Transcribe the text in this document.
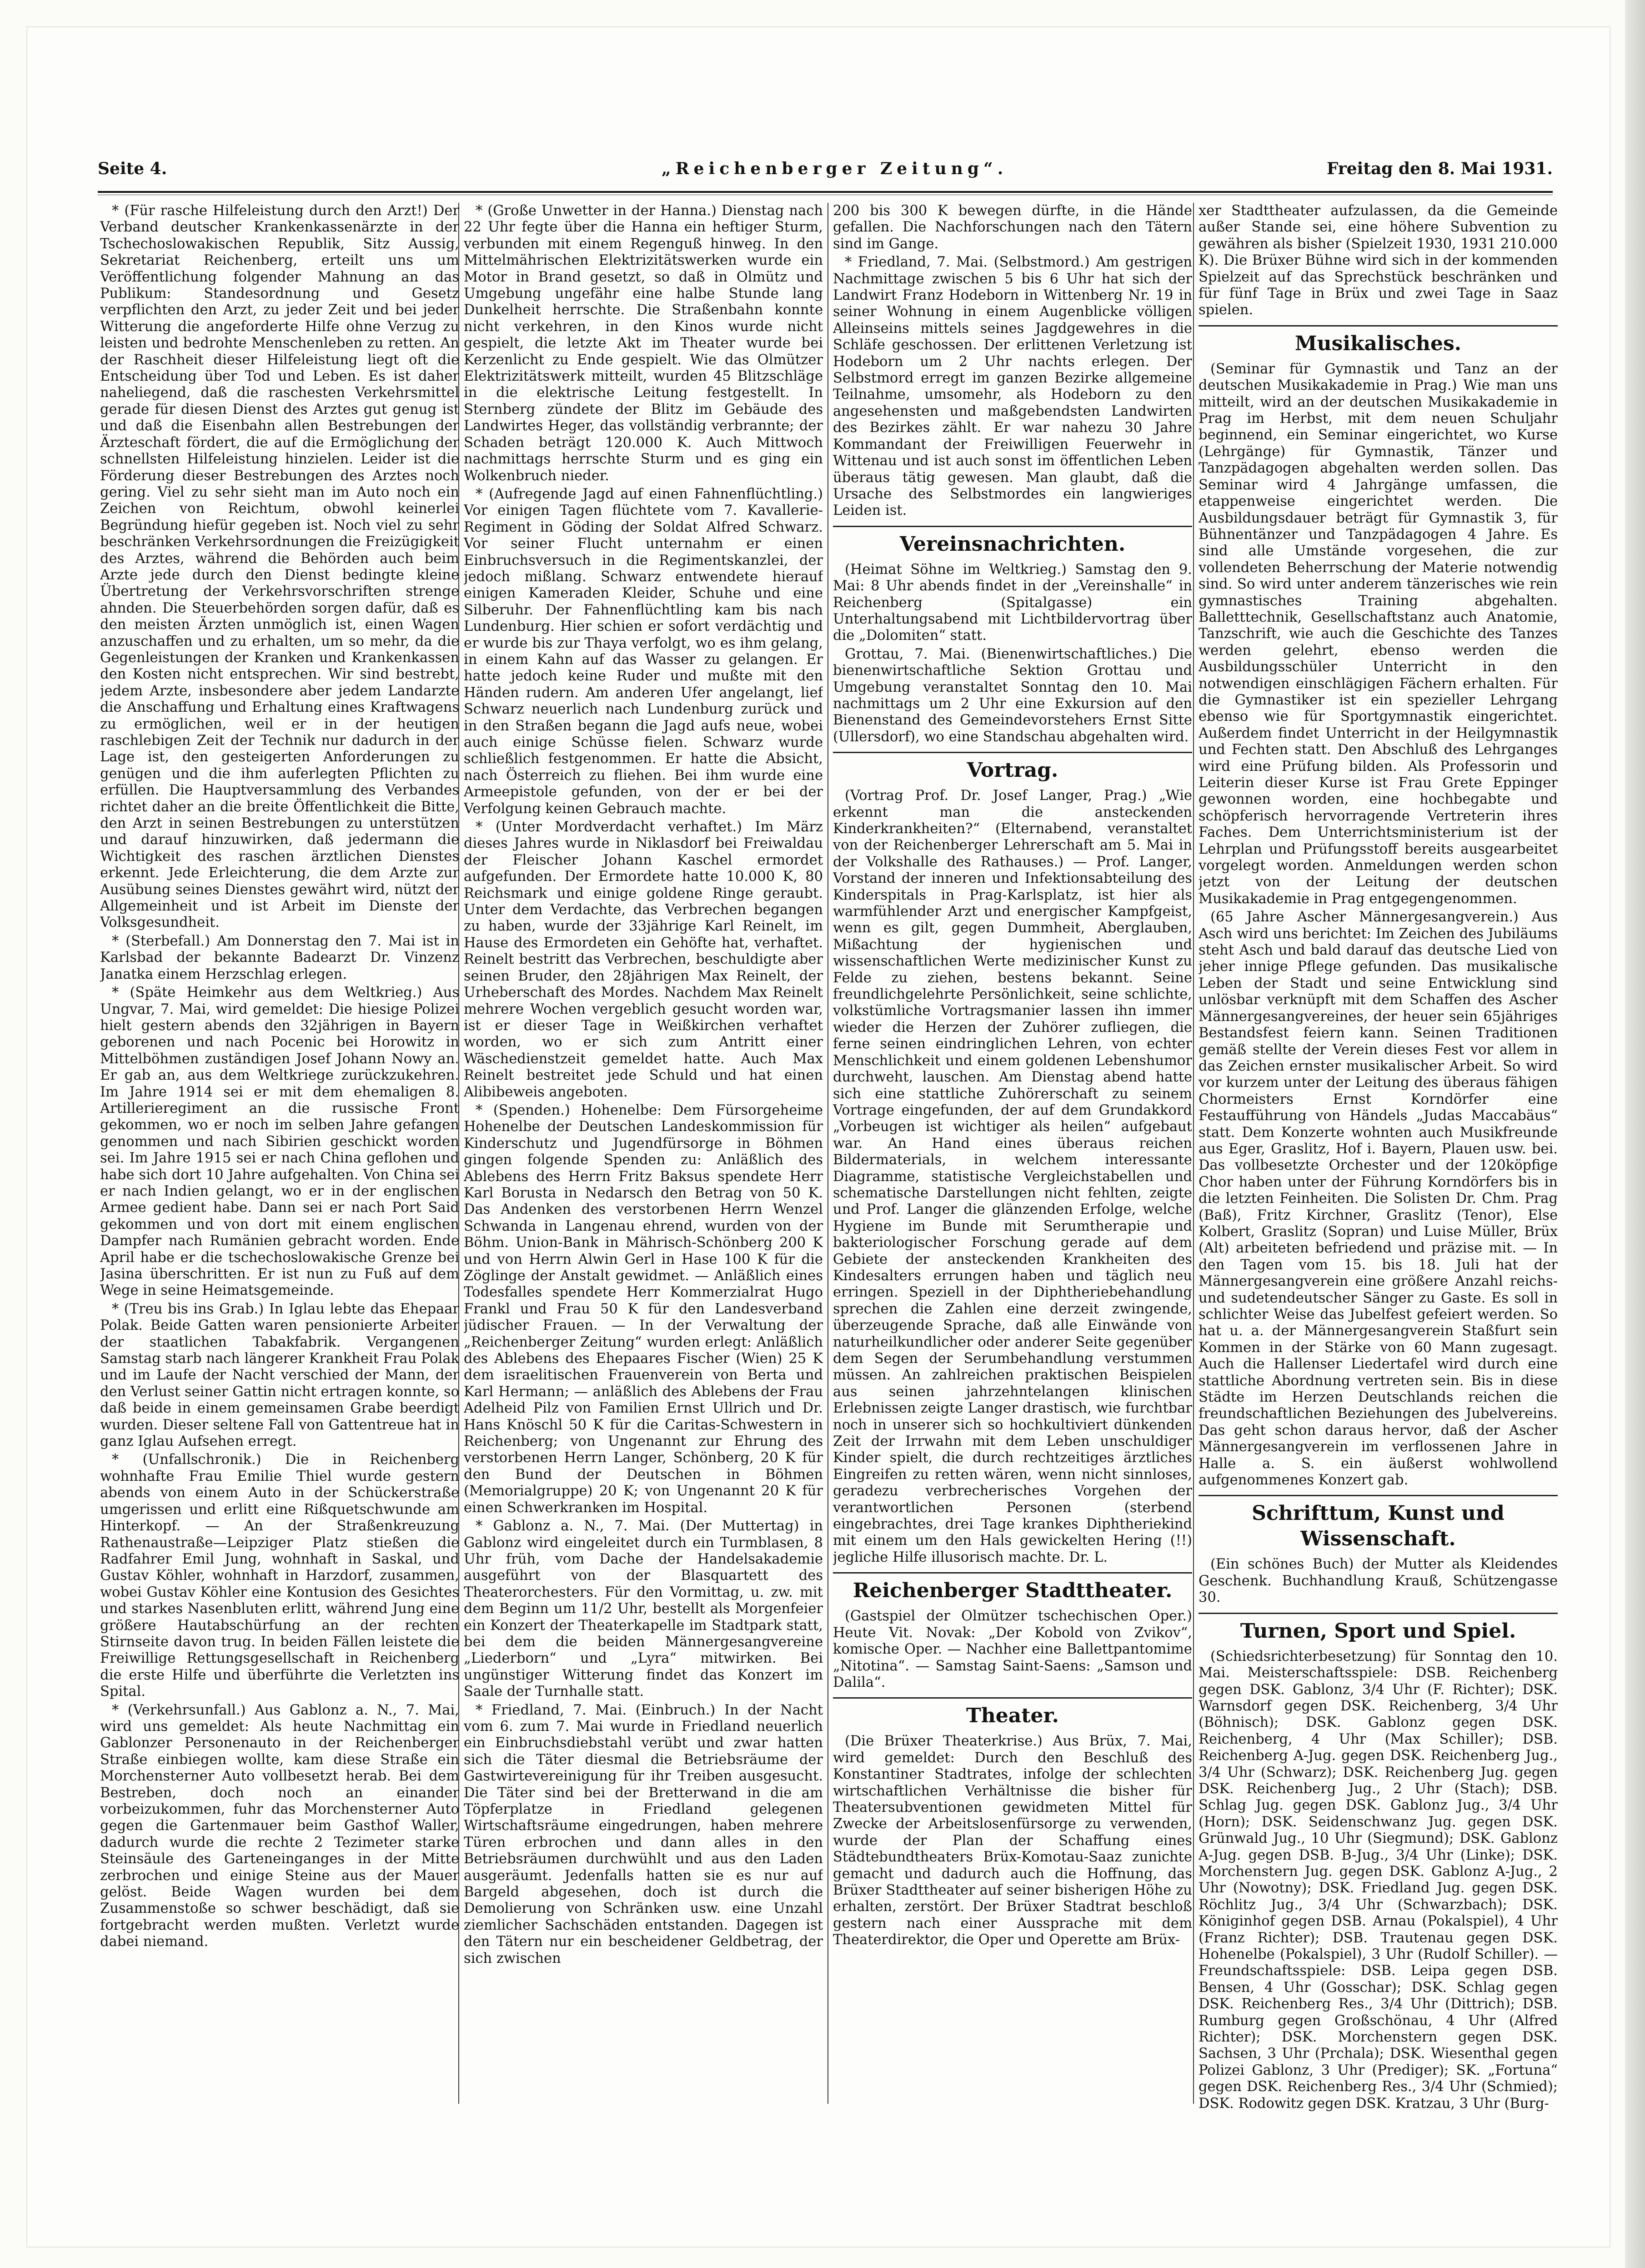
Seite 4.	„Reichenberger Zeitung“.	Freitag den 8. Mai 1931.

* (Für rasche Hilfeleistung durch den Arzt!) Der Verband deutscher Krankenkassenärzte in der Tschechoslowakischen Republik, Sitz Aussig, Sekretariat Reichenberg, erteilt uns um Veröffentlichung folgender Mahnung an das Publikum: Standesordnung und Gesetz verpflichten den Arzt, zu jeder Zeit und bei jeder Witterung die angeforderte Hilfe ohne Verzug zu leisten und bedrohte Menschenleben zu retten. An der Raschheit dieser Hilfeleistung liegt oft die Entscheidung über Tod und Leben. Es ist daher naheliegend, daß die raschesten Verkehrsmittel gerade für diesen Dienst des Arztes gut genug ist und daß die Eisenbahn allen Bestrebungen der Ärzteschaft fördert, die auf die Ermöglichung der schnellsten Hilfeleistung hinzielen. Leider ist die Förderung dieser Bestrebungen des Arztes noch gering. Viel zu sehr sieht man im Auto noch ein Zeichen von Reichtum, obwohl keinerlei Begründung hiefür gegeben ist. Noch viel zu sehr beschränken Verkehrsordnungen die Freizügigkeit des Arztes, während die Behörden auch beim Arzte jede durch den Dienst bedingte kleine Übertretung der Verkehrsvorschriften strenge ahnden. Die Steuerbehörden sorgen dafür, daß es den meisten Ärzten unmöglich ist, einen Wagen anzuschaffen und zu erhalten, um so mehr, da die Gegenleistungen der Kranken und Krankenkassen den Kosten nicht entsprechen. Wir sind bestrebt, jedem Arzte, insbesondere aber jedem Landarzte die Anschaffung und Erhaltung eines Kraftwagens zu ermöglichen, weil er in der heutigen raschlebigen Zeit der Technik nur dadurch in der Lage ist, den gesteigerten Anforderungen zu genügen und die ihm auferlegten Pflichten zu erfüllen. Die Hauptversammlung des Verbandes richtet daher an die breite Öffentlichkeit die Bitte, den Arzt in seinen Bestrebungen zu unterstützen und darauf hinzuwirken, daß jedermann die Wichtigkeit des raschen ärztlichen Dienstes erkennt. Jede Erleichterung, die dem Arzte zur Ausübung seines Dienstes gewährt wird, nützt der Allgemeinheit und ist Arbeit im Dienste der Volksgesundheit.

* (Sterbefall.) Am Donnerstag den 7. Mai ist in Karlsbad der bekannte Badearzt Dr. Vinzenz Janatka einem Herzschlag erlegen.

* (Späte Heimkehr aus dem Weltkrieg.) Aus Ungvar, 7. Mai, wird gemeldet: Die hiesige Polizei hielt gestern abends den 32jährigen in Bayern geborenen und nach Pocenic bei Horowitz in Mittelböhmen zuständigen Josef Johann Nowy an. Er gab an, aus dem Weltkriege zurückzukehren. Im Jahre 1914 sei er mit dem ehemaligen 8. Artillerieregiment an die russische Front gekommen, wo er noch im selben Jahre gefangen genommen und nach Sibirien geschickt worden sei. Im Jahre 1915 sei er nach China geflohen und habe sich dort 10 Jahre aufgehalten. Von China sei er nach Indien gelangt, wo er in der englischen Armee gedient habe. Dann sei er nach Port Said gekommen und von dort mit einem englischen Dampfer nach Rumänien gebracht worden. Ende April habe er die tschechoslowakische Grenze bei Jasina überschritten. Er ist nun zu Fuß auf dem Wege in seine Heimatsgemeinde.

* (Treu bis ins Grab.) In Iglau lebte das Ehepaar Polak. Beide Gatten waren pensionierte Arbeiter der staatlichen Tabakfabrik. Vergangenen Samstag starb nach längerer Krankheit Frau Polak und im Laufe der Nacht verschied der Mann, der den Verlust seiner Gattin nicht ertragen konnte, so daß beide in einem gemeinsamen Grabe beerdigt wurden. Dieser seltene Fall von Gattentreue hat in ganz Iglau Aufsehen erregt.

* (Unfallschronik.) Die in Reichenberg wohnhafte Frau Emilie Thiel wurde gestern abends von einem Auto in der Schückerstraße umgerissen und erlitt eine Rißquetschwunde am Hinterkopf. — An der Straßenkreuzung Rathenaustraße—Leipziger Platz stießen die Radfahrer Emil Jung, wohnhaft in Saskal, und Gustav Köhler, wohnhaft in Harzdorf, zusammen, wobei Gustav Köhler eine Kontusion des Gesichtes und starkes Nasenbluten erlitt, während Jung eine größere Hautabschürfung an der rechten Stirnseite davon trug. In beiden Fällen leistete die Freiwillige Rettungsgesellschaft in Reichenberg die erste Hilfe und überführte die Verletzten ins Spital.

* (Verkehrsunfall.) Aus Gablonz a. N., 7. Mai, wird uns gemeldet: Als heute Nachmittag ein Gablonzer Personenauto in der Reichenberger Straße einbiegen wollte, kam diese Straße ein Morchensterner Auto vollbesetzt herab. Bei dem Bestreben, doch noch an einander vorbeizukommen, fuhr das Morchensterner Auto gegen die Gartenmauer beim Gasthof Waller, dadurch wurde die rechte 2 Tezimeter starke Steinsäule des Garteneinganges in der Mitte zerbrochen und einige Steine aus der Mauer gelöst. Beide Wagen wurden bei dem Zusammenstoße so schwer beschädigt, daß sie fortgebracht werden mußten. Verletzt wurde dabei niemand.

* (Große Unwetter in der Hanna.) Dienstag nach 22 Uhr fegte über die Hanna ein heftiger Sturm, verbunden mit einem Regenguß hinweg. In den Mittelmährischen Elektrizitätswerken wurde ein Motor in Brand gesetzt, so daß in Olmütz und Umgebung ungefähr eine halbe Stunde lang Dunkelheit herrschte. Die Straßenbahn konnte nicht verkehren, in den Kinos wurde nicht gespielt, die letzte Akt im Theater wurde bei Kerzenlicht zu Ende gespielt. Wie das Olmützer Elektrizitätswerk mitteilt, wurden 45 Blitzschläge in die elektrische Leitung festgestellt. In Sternberg zündete der Blitz im Gebäude des Landwirtes Heger, das vollständig verbrannte; der Schaden beträgt 120.000 K. Auch Mittwoch nachmittags herrschte Sturm und es ging ein Wolkenbruch nieder.

* (Aufregende Jagd auf einen Fahnenflüchtling.) Vor einigen Tagen flüchtete vom 7. Kavallerie-Regiment in Göding der Soldat Alfred Schwarz. Vor seiner Flucht unternahm er einen Einbruchsversuch in die Regimentskanzlei, der jedoch mißlang. Schwarz entwendete hierauf einigen Kameraden Kleider, Schuhe und eine Silberuhr. Der Fahnenflüchtling kam bis nach Lundenburg. Hier schien er sofort verdächtig und er wurde bis zur Thaya verfolgt, wo es ihm gelang, in einem Kahn auf das Wasser zu gelangen. Er hatte jedoch keine Ruder und mußte mit den Händen rudern. Am anderen Ufer angelangt, lief Schwarz neuerlich nach Lundenburg zurück und in den Straßen begann die Jagd aufs neue, wobei auch einige Schüsse fielen. Schwarz wurde schließlich festgenommen. Er hatte die Absicht, nach Österreich zu fliehen. Bei ihm wurde eine Armeepistole gefunden, von der er bei der Verfolgung keinen Gebrauch machte.

* (Unter Mordverdacht verhaftet.) Im März dieses Jahres wurde in Niklasdorf bei Freiwaldau der Fleischer Johann Kaschel ermordet aufgefunden. Der Ermordete hatte 10.000 K, 80 Reichsmark und einige goldene Ringe geraubt. Unter dem Verdachte, das Verbrechen begangen zu haben, wurde der 33jährige Karl Reinelt, im Hause des Ermordeten ein Gehöfte hat, verhaftet. Reinelt bestritt das Verbrechen, beschuldigte aber seinen Bruder, den 28jährigen Max Reinelt, der Urheberschaft des Mordes. Nachdem Max Reinelt mehrere Wochen vergeblich gesucht worden war, ist er dieser Tage in Weißkirchen verhaftet worden, wo er sich zum Antritt einer Wäschedienstzeit gemeldet hatte. Auch Max Reinelt bestreitet jede Schuld und hat einen Alibibeweis angeboten.

* (Spenden.) Hohenelbe: Dem Fürsorgeheime Hohenelbe der Deutschen Landeskommission für Kinderschutz und Jugendfürsorge in Böhmen gingen folgende Spenden zu: Anläßlich des Ablebens des Herrn Fritz Baksus spendete Herr Karl Borusta in Nedarsch den Betrag von 50 K. Das Andenken des verstorbenen Herrn Wenzel Schwanda in Langenau ehrend, wurden von der Böhm. Union-Bank in Mährisch-Schönberg 200 K und von Herrn Alwin Gerl in Hase 100 K für die Zöglinge der Anstalt gewidmet. — Anläßlich eines Todesfalles spendete Herr Kommerzialrat Hugo Frankl und Frau 50 K für den Landesverband jüdischer Frauen. — In der Verwaltung der „Reichenberger Zeitung“ wurden erlegt: Anläßlich des Ablebens des Ehepaares Fischer (Wien) 25 K dem israelitischen Frauenverein von Berta und Karl Hermann; — anläßlich des Ablebens der Frau Adelheid Pilz von Familien Ernst Ullrich und Dr. Hans Knöschl 50 K für die Caritas-Schwestern in Reichenberg; von Ungenannt zur Ehrung des verstorbenen Herrn Langer, Schönberg, 20 K für den Bund der Deutschen in Böhmen (Memorialgruppe) 20 K; von Ungenannt 20 K für einen Schwerkranken im Hospital.

* Gablonz a. N., 7. Mai. (Der Muttertag) in Gablonz wird eingeleitet durch ein Turmblasen, 8 Uhr früh, vom Dache der Handelsakademie ausgeführt von der Blasquartett des Theaterorchesters. Für den Vormittag, u. zw. mit dem Beginn um 11/2 Uhr, bestellt als Morgenfeier ein Konzert der Theaterkapelle im Stadtpark statt, bei dem die beiden Männergesangvereine „Liederborn“ und „Lyra“ mitwirken. Bei ungünstiger Witterung findet das Konzert im Saale der Turnhalle statt.

* Friedland, 7. Mai. (Einbruch.) In der Nacht vom 6. zum 7. Mai wurde in Friedland neuerlich ein Einbruchsdiebstahl verübt und zwar hatten sich die Täter diesmal die Betriebsräume der Gastwirtevereinigung für ihr Treiben ausgesucht. Die Täter sind bei der Bretterwand in die am Töpferplatze in Friedland gelegenen Wirtschaftsräume eingedrungen, haben mehrere Türen erbrochen und dann alles in den Betriebsräumen durchwühlt und aus den Laden ausgeräumt. Jedenfalls hatten sie es nur auf Bargeld abgesehen, doch ist durch die Demolierung von Schränken usw. eine Unzahl ziemlicher Sachschäden entstanden. Dagegen ist den Tätern nur ein bescheidener Geldbetrag, der sich zwischen

200 bis 300 K bewegen dürfte, in die Hände gefallen. Die Nachforschungen nach den Tätern sind im Gange.

* Friedland, 7. Mai. (Selbstmord.) Am gestrigen Nachmittage zwischen 5 bis 6 Uhr hat sich der Landwirt Franz Hodeborn in Wittenberg Nr. 19 in seiner Wohnung in einem Augenblicke völligen Alleinseins mittels seines Jagdgewehres in die Schläfe geschossen. Der erlittenen Verletzung ist Hodeborn um 2 Uhr nachts erlegen. Der Selbstmord erregt im ganzen Bezirke allgemeine Teilnahme, umsomehr, als Hodeborn zu den angesehensten und maßgebendsten Landwirten des Bezirkes zählt. Er war nahezu 30 Jahre Kommandant der Freiwilligen Feuerwehr in Wittenau und ist auch sonst im öffentlichen Leben überaus tätig gewesen. Man glaubt, daß die Ursache des Selbstmordes ein langwieriges Leiden ist.

Vereinsnachrichten.

(Heimat Söhne im Weltkrieg.) Samstag den 9. Mai: 8 Uhr abends findet in der „Vereinshalle“ in Reichenberg (Spitalgasse) ein Unterhaltungsabend mit Lichtbildervortrag über die „Dolomiten“ statt.

Grottau, 7. Mai. (Bienenwirtschaftliches.) Die bienenwirtschaftliche Sektion Grottau und Umgebung veranstaltet Sonntag den 10. Mai nachmittags um 2 Uhr eine Exkursion auf den Bienenstand des Gemeindevorstehers Ernst Sitte (Ullersdorf), wo eine Standschau abgehalten wird.

Vortrag.

(Vortrag Prof. Dr. Josef Langer, Prag.) „Wie erkennt man die ansteckenden Kinderkrankheiten?“ (Elternabend, veranstaltet von der Reichenberger Lehrerschaft am 5. Mai in der Volkshalle des Rathauses.) — Prof. Langer, Vorstand der inneren und Infektionsabteilung des Kinderspitals in Prag-Karlsplatz, ist hier als warmfühlender Arzt und energischer Kampfgeist, wenn es gilt, gegen Dummheit, Aberglauben, Mißachtung der hygienischen und wissenschaftlichen Werte medizinischer Kunst zu Felde zu ziehen, bestens bekannt. Seine freundlichgelehrte Persönlichkeit, seine schlichte, volkstümliche Vortragsmanier lassen ihn immer wieder die Herzen der Zuhörer zufliegen, die ferne seinen eindringlichen Lehren, von echter Menschlichkeit und einem goldenen Lebenshumor durchweht, lauschen. Am Dienstag abend hatte sich eine stattliche Zuhörerschaft zu seinem Vortrage eingefunden, der auf dem Grundakkord „Vorbeugen ist wichtiger als heilen“ aufgebaut war. An Hand eines überaus reichen Bildermaterials, in welchem interessante Diagramme, statistische Vergleichstabellen und schematische Darstellungen nicht fehlten, zeigte und Prof. Langer die glänzenden Erfolge, welche Hygiene im Bunde mit Serumtherapie und bakteriologischer Forschung gerade auf dem Gebiete der ansteckenden Krankheiten des Kindesalters errungen haben und täglich neu erringen. Speziell in der Diphtheriebehandlung sprechen die Zahlen eine derzeit zwingende, überzeugende Sprache, daß alle Einwände von naturheilkundlicher oder anderer Seite gegenüber dem Segen der Serumbehandlung verstummen müssen. An zahlreichen praktischen Beispielen aus seinen jahrzehntelangen klinischen Erlebnissen zeigte Langer drastisch, wie furchtbar noch in unserer sich so hochkultiviert dünkenden Zeit der Irrwahn mit dem Leben unschuldiger Kinder spielt, die durch rechtzeitiges ärztliches Eingreifen zu retten wären, wenn nicht sinnloses, geradezu verbrecherisches Vorgehen der verantwortlichen Personen (sterbend eingebrachtes, drei Tage krankes Diphtheriekind mit einem um den Hals gewickelten Hering (!!) jegliche Hilfe illusorisch machte. Dr. L.

Reichenberger Stadttheater.

(Gastspiel der Olmützer tschechischen Oper.) Heute Vit. Novak: „Der Kobold von Zvikov“, komische Oper. — Nachher eine Ballettpantomime „Nitotina“. — Samstag Saint-Saens: „Samson und Dalila“.

Theater.

(Die Brüxer Theaterkrise.) Aus Brüx, 7. Mai, wird gemeldet: Durch den Beschluß des Konstantiner Stadtrates, infolge der schlechten wirtschaftlichen Verhältnisse die bisher für Theatersubventionen gewidmeten Mittel für Zwecke der Arbeitslosenfürsorge zu verwenden, wurde der Plan der Schaffung eines Städtebundtheaters Brüx-Komotau-Saaz zunichte gemacht und dadurch auch die Hoffnung, das Brüxer Stadttheater auf seiner bisherigen Höhe zu erhalten, zerstört. Der Brüxer Stadtrat beschloß gestern nach einer Aussprache mit dem Theaterdirektor, die Oper und Operette am Brüx-

xer Stadttheater aufzulassen, da die Gemeinde außer Stande sei, eine höhere Subvention zu gewähren als bisher (Spielzeit 1930, 1931 210.000 K). Die Brüxer Bühne wird sich in der kommenden Spielzeit auf das Sprechstück beschränken und für fünf Tage in Brüx und zwei Tage in Saaz spielen.

Musikalisches.

(Seminar für Gymnastik und Tanz an der deutschen Musikakademie in Prag.) Wie man uns mitteilt, wird an der deutschen Musikakademie in Prag im Herbst, mit dem neuen Schuljahr beginnend, ein Seminar eingerichtet, wo Kurse (Lehrgänge) für Gymnastik, Tänzer und Tanzpädagogen abgehalten werden sollen. Das Seminar wird 4 Jahrgänge umfassen, die etappenweise eingerichtet werden. Die Ausbildungsdauer beträgt für Gymnastik 3, für Bühnentänzer und Tanzpädagogen 4 Jahre. Es sind alle Umstände vorgesehen, die zur vollendeten Beherrschung der Materie notwendig sind. So wird unter anderem tänzerisches wie rein gymnastisches Training abgehalten. Balletttechnik, Gesellschaftstanz auch Anatomie, Tanzschrift, wie auch die Geschichte des Tanzes werden gelehrt, ebenso werden die Ausbildungsschüler Unterricht in den notwendigen einschlägigen Fächern erhalten. Für die Gymnastiker ist ein spezieller Lehrgang ebenso wie für Sportgymnastik eingerichtet. Außerdem findet Unterricht in der Heilgymnastik und Fechten statt. Den Abschluß des Lehrganges wird eine Prüfung bilden. Als Professorin und Leiterin dieser Kurse ist Frau Grete Eppinger gewonnen worden, eine hochbegabte und schöpferisch hervorragende Vertreterin ihres Faches. Dem Unterrichtsministerium ist der Lehrplan und Prüfungsstoff bereits ausgearbeitet vorgelegt worden. Anmeldungen werden schon jetzt von der Leitung der deutschen Musikakademie in Prag entgegengenommen.

(65 Jahre Ascher Männergesangverein.) Aus Asch wird uns berichtet: Im Zeichen des Jubiläums steht Asch und bald darauf das deutsche Lied von jeher innige Pflege gefunden. Das musikalische Leben der Stadt und seine Entwicklung sind unlösbar verknüpft mit dem Schaffen des Ascher Männergesangvereines, der heuer sein 65jähriges Bestandsfest feiern kann. Seinen Traditionen gemäß stellte der Verein dieses Fest vor allem in das Zeichen ernster musikalischer Arbeit. So wird vor kurzem unter der Leitung des überaus fähigen Chormeisters Ernst Korndörfer eine Festaufführung von Händels „Judas Maccabäus“ statt. Dem Konzerte wohnten auch Musikfreunde aus Eger, Graslitz, Hof i. Bayern, Plauen usw. bei. Das vollbesetzte Orchester und der 120köpfige Chor haben unter der Führung Korndörfers bis in die letzten Feinheiten. Die Solisten Dr. Chm. Prag (Baß), Fritz Kirchner, Graslitz (Tenor), Else Kolbert, Graslitz (Sopran) und Luise Müller, Brüx (Alt) arbeiteten befriedend und präzise mit. — In den Tagen vom 15. bis 18. Juli hat der Männergesangverein eine größere Anzahl reichs- und sudetendeutscher Sänger zu Gaste. Es soll in schlichter Weise das Jubelfest gefeiert werden. So hat u. a. der Männergesangverein Staßfurt sein Kommen in der Stärke von 60 Mann zugesagt. Auch die Hallenser Liedertafel wird durch eine stattliche Abordnung vertreten sein. Bis in diese Städte im Herzen Deutschlands reichen die freundschaftlichen Beziehungen des Jubelvereins. Das geht schon daraus hervor, daß der Ascher Männergesangverein im verflossenen Jahre in Halle a. S. ein äußerst wohlwollend aufgenommenes Konzert gab.

Schrifttum, Kunst und Wissenschaft.

(Ein schönes Buch) der Mutter als Kleidendes Geschenk. Buchhandlung Krauß, Schützengasse 30.

Turnen, Sport und Spiel.

(Schiedsrichterbesetzung) für Sonntag den 10. Mai. Meisterschaftsspiele: DSB. Reichenberg gegen DSK. Gablonz, 3/4 Uhr (F. Richter); DSK. Warnsdorf gegen DSK. Reichenberg, 3/4 Uhr (Böhnisch); DSK. Gablonz gegen DSK. Reichenberg, 4 Uhr (Max Schiller); DSB. Reichenberg A-Jug. gegen DSK. Reichenberg Jug., 3/4 Uhr (Schwarz); DSK. Reichenberg Jug. gegen DSK. Reichenberg Jug., 2 Uhr (Stach); DSB. Schlag Jug. gegen DSK. Gablonz Jug., 3/4 Uhr (Horn); DSK. Seidenschwanz Jug. gegen DSK. Grünwald Jug., 10 Uhr (Siegmund); DSK. Gablonz A-Jug. gegen DSB. B-Jug., 3/4 Uhr (Linke); DSK. Morchenstern Jug. gegen DSK. Gablonz A-Jug., 2 Uhr (Nowotny); DSK. Friedland Jug. gegen DSK. Röchlitz Jug., 3/4 Uhr (Schwarzbach); DSK. Königinhof gegen DSB. Arnau (Pokalspiel), 4 Uhr (Franz Richter); DSB. Trautenau gegen DSK. Hohenelbe (Pokalspiel), 3 Uhr (Rudolf Schiller). — Freundschaftsspiele: DSB. Leipa gegen DSB. Bensen, 4 Uhr (Gosschar); DSK. Schlag gegen DSK. Reichenberg Res., 3/4 Uhr (Dittrich); DSB. Rumburg gegen Großschönau, 4 Uhr (Alfred Richter); DSK. Morchenstern gegen DSK. Sachsen, 3 Uhr (Prchala); DSK. Wiesenthal gegen Polizei Gablonz, 3 Uhr (Prediger); SK. „Fortuna“ gegen DSK. Reichenberg Res., 3/4 Uhr (Schmied); DSK. Rodowitz gegen DSK. Kratzau, 3 Uhr (Burg-
